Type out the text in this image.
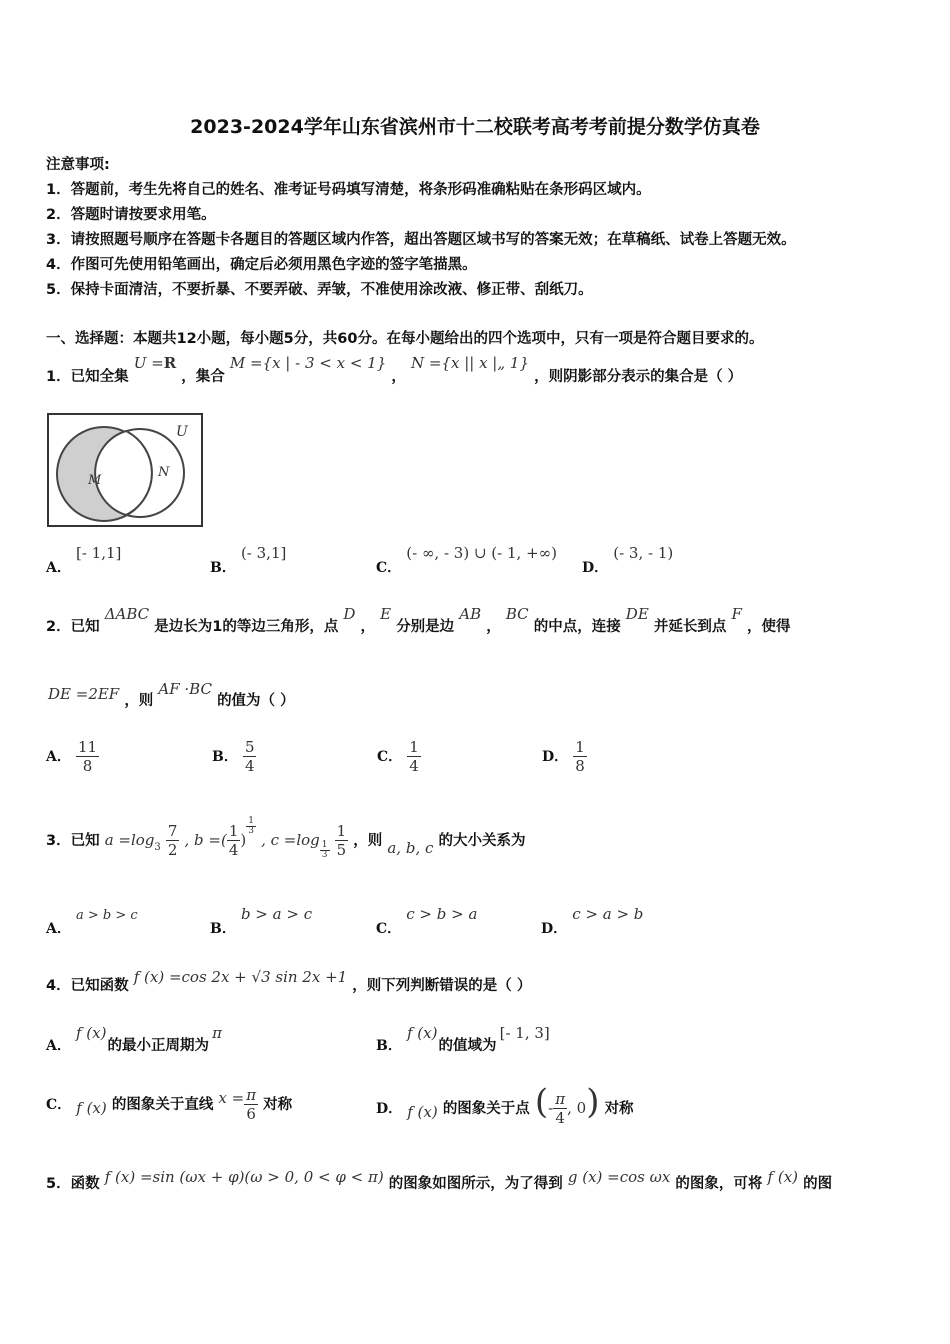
2023-2024学年山东省滨州市十二校联考高考考前提分数学仿真卷
注意事项:
1．答题前，考生先将自己的姓名、准考证号码填写清楚，将条形码准确粘贴在条形码区域内。
2．答题时请按要求用笔。
3．请按照题号顺序在答题卡各题目的答题区域内作答，超出答题区域书写的答案无效；在草稿纸、试卷上答题无效。
4．作图可先使用铅笔画出，确定后必须用黑色字迹的签字笔描黑。
5．保持卡面清洁，不要折暴、不要弄破、弄皱，不准使用涂改液、修正带、刮纸刀。
一、选择题：本题共12小题，每小题5分，共60分。在每小题给出的四个选项中，只有一项是符合题目要求的。
1．已知全集 U =R ，集合 M ={x | - 3 < x < 1} ， N ={x || x |„ 1} ，则阴影部分表示的集合是（ ）
U
M
N
A． [- 1,1]
B． (- 3,1]
C． (- ∞, - 3) ∪ (- 1, +∞)
D． (- 3, - 1)
2．已知 ΔABC 是边长为1的等边三角形，点 D ， E 分别是边 AB ， BC 的中点，连接 DE 并延长到点 F ，使得
DE =2EF ，则 AF ·BC 的值为（ ）
A． $\frac{11}{8}$	B． $\frac{5}{4}$	C． $\frac{1}{4}$	D． $\frac{1}{8}$
3．已知 $a =\log_3 \frac{7}{2}$ , b =( $\frac{1}{4}$ )
$\frac{1}{3}$
, c =log
$\frac{1}{3}$
$\frac{1}{5}$ ，则 a, b, c 的大小关系为
A． a > b > c
B． b > a > c
C． c > b > a
D． c > a > b
4．已知函数 f (x) =cos 2x + √3 sin 2x +1 ，则下列判断错误的是（ ）
A． f (x) 的最小正周期为 π
B． f (x) 的值域为 [- 1, 3]
C． f (x) 的图象关于直线 $x = \frac{\pi}{6}$ 对称	D． f (x) 的图象关于点 (- $\frac{\pi}{4}$ , 0) 对称
5．函数 f (x) =sin (ωx + φ)(ω > 0, 0 < φ < π) 的图象如图所示，为了得到 g (x) =cos ωx 的图象，可将 f (x) 的图
